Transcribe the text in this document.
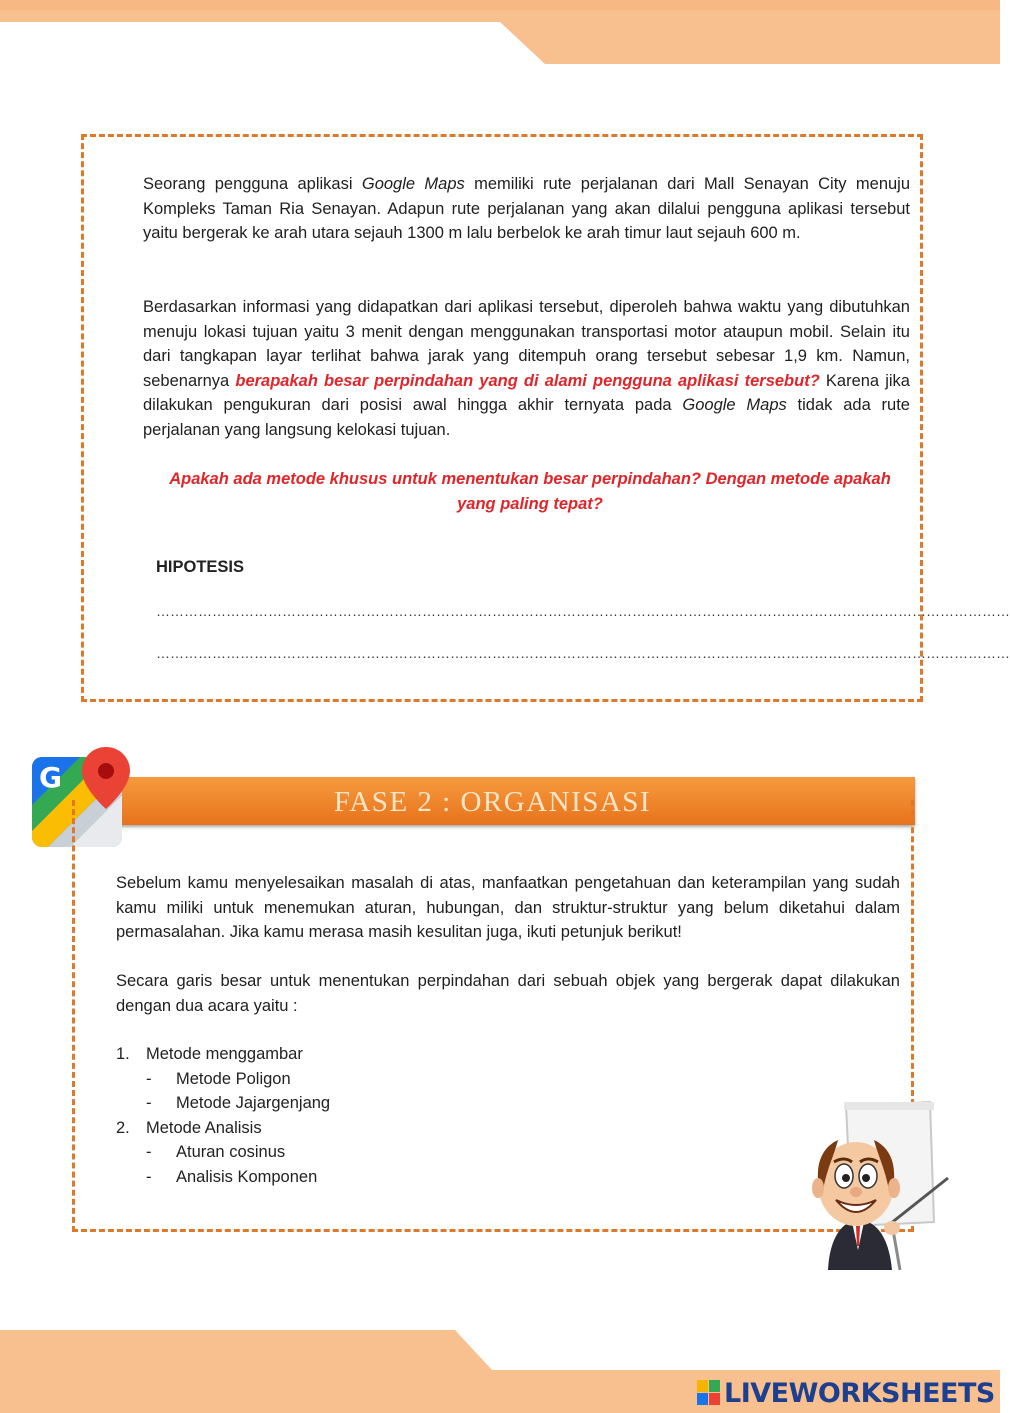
Seorang pengguna aplikasi Google Maps memiliki rute perjalanan dari Mall Senayan City menuju Kompleks Taman Ria Senayan. Adapun rute perjalanan yang akan dilalui pengguna aplikasi tersebut yaitu bergerak ke arah utara sejauh 1300 m lalu berbelok ke arah timur laut sejauh 600 m.
Berdasarkan informasi yang didapatkan dari aplikasi tersebut, diperoleh bahwa waktu yang dibutuhkan menuju lokasi tujuan yaitu 3 menit dengan menggunakan transportasi motor ataupun mobil. Selain itu dari tangkapan layar terlihat bahwa jarak yang ditempuh orang tersebut sebesar 1,9 km. Namun, sebenarnya berapakah besar perpindahan yang di alami pengguna aplikasi tersebut? Karena jika dilakukan pengukuran dari posisi awal hingga akhir ternyata pada Google Maps tidak ada rute perjalanan yang langsung kelokasi tujuan.
Apakah ada metode khusus untuk menentukan besar perpindahan? Dengan metode apakah yang paling tepat?
HIPOTESIS
…………………………………………………………………………………………………………………………………………………………………
…………………………………………………………………………………………………………………………………………………………………
FASE 2 : ORGANISASI
G
Sebelum kamu menyelesaikan masalah di atas, manfaatkan pengetahuan dan keterampilan yang sudah kamu miliki untuk menemukan aturan, hubungan, dan struktur-struktur yang belum diketahui dalam permasalahan. Jika kamu merasa masih kesulitan juga, ikuti petunjuk berikut!
Secara garis besar untuk menentukan perpindahan dari sebuah objek yang bergerak dapat dilakukan dengan dua acara yaitu :
1. Metode menggambar
- Metode Poligon
- Metode Jajargenjang
2. Metode Analisis
- Aturan cosinus
- Analisis Komponen
LIVEWORKSHEETS
